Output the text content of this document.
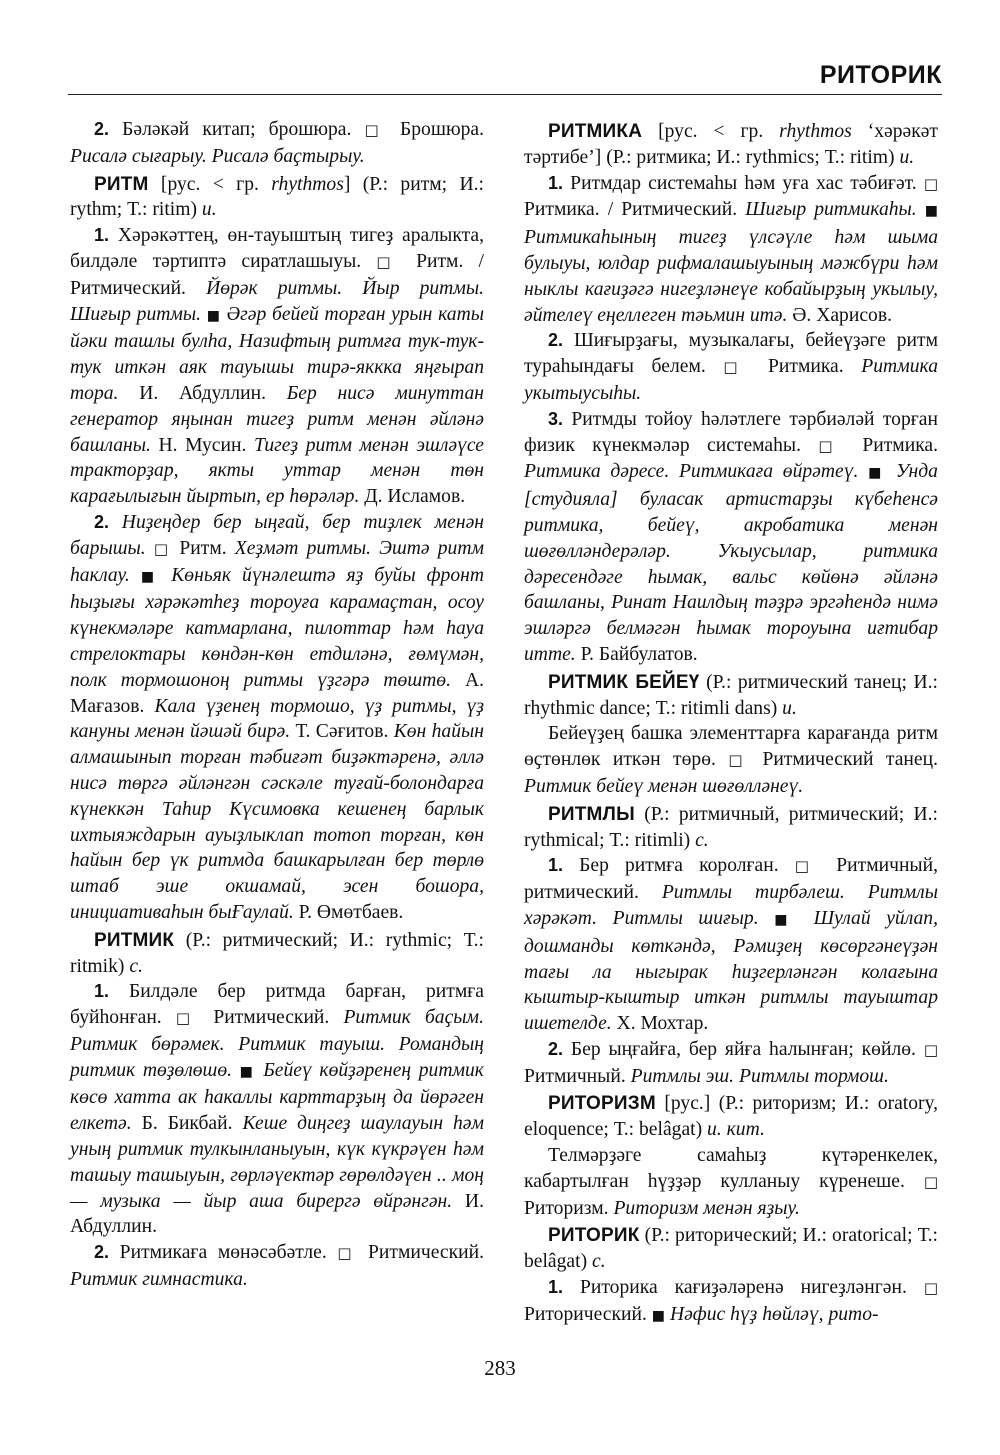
РИТОРИК

2. Бәләкәй китап; брошюра. □ Брошюра. Рисалә сығарыу. Рисалә баҫтырыу.

РИТМ [рус. < гр. rhythmos] (Р.: ритм; И.: rythm; Т.: ritim) и.

1. Хәрәкәттең, өн-тауыштың тигеҙ аралыкта, билдәле тәртиптә сиратлашыуы. □ Ритм. / Ритмический. Йөрәк ритмы. Йыр ритмы. Шиғыр ритмы. ■ Әгәр бейей торған урын каты йәки ташлы булһа, Назифтың ритмға тук-тук-тук иткән аяк тауышы тирә-яккка яңғырап тора. И. Абдуллин. Бер нисә минуттан генератор яңынан тигеҙ ритм менән әйләнә башланы. Н. Мусин. Тигеҙ ритм менән эшләүсе тракторҙар, якты уттар менән төн карағылығын йыртып, ер һөрәләр. Д. Исламов.

2. Ниҙеңдер бер ыңғай, бер тиҙлек менән барышы. □ Ритм. Хеҙмәт ритмы. Эштә ритм һаклау. ■ Көньяк йүнәлештә яҙ буйы фронт һыҙығы хәрәкәтһеҙ тороуға карамаҫтан, осоу күнекмәләре катмарлана, пилоттар һәм һауа стрелоктары көндән-көн етдиләнә, ғөмүмән, полк тормошоноң ритмы үҙгәрә төштө. А. Мағазов. Кала үҙенең тормошо, үҙ ритмы, үҙ кануны менән йәшәй бирә. Т. Сәғитов. Көн һайын алмашынып торған тәбиғәт биҙәктәренә, әллә нисә төргә әйләнгән сәскәле туғай-болондарға күнеккән Таһир Күсимовка кешенең барлык ихтыяждарын ауыҙлыклап тотоп торған, көн һайын бер үк ритмда башкарылған бер төрлө штаб эше окшамай, эсен бошора, инициативаһын быҒаулай. Р. Өмөтбаев.

РИТМИК (Р.: ритмический; И.: rythmic; Т.: ritmik) с.

1. Билдәле бер ритмда барған, ритмға буйһонған. □ Ритмический. Ритмик баҫым. Ритмик бөрәмек. Ритмик тауыш. Романдың ритмик төҙөлөшө. ■ Бейеү көйҙәренең ритмик көсө хатта ак һакаллы карттарҙың да йөрәген елкетә. Б. Бикбай. Кеше диңгеҙ шаулауын һәм уның ритмик тулкынланыуын, күк күкрәүен һәм ташыу ташыуын, гөрләүектәр гөрөлдәүен .. моң — музыка — йыр аша бирергә өйрәнгән. И. Абдуллин.

2. Ритмикаға мөнәсәбәтле. □ Ритмический. Ритмик гимнастика.

РИТМИКА [рус. < гр. rhythmos ‘хәрәкәт тәртибе’] (Р.: ритмика; И.: rythmics; Т.: ritim) и.

1. Ритмдар системаһы һәм уға хас тәбиғәт. □ Ритмика. / Ритмический. Шиғыр ритмикаһы. ■ Ритмикаһының тигеҙ үлсәүле һәм шыма булыуы, юлдар рифмалашыуының мәжбүри һәм ныклы кағиҙәгә нигеҙләнеүе кобайырҙың укылыу, әйтелеү еңеллеген тәьмин итә. Ә. Харисов.

2. Шиғырҙағы, музыкалағы, бейеүҙәге ритм тураһындағы белем. □ Ритмика. Ритмика укытыусыһы.

3. Ритмды тойоу һәләтлеге тәрбиәләй торған физик күнекмәләр системаһы. □ Ритмика. Ритмика дәресе. Ритмикаға өйрәтеү. ■ Унда [студияла] буласак артистарҙы күбеһенсә ритмика, бейеү, акробатика менән шөғөлләндерәләр. Укыусылар, ритмика дәресендәге һымак, вальс көйөнә әйләнә башланы, Ринат Наилдың тәҙрә эргәһендә нимә эшләргә белмәгән һымак тороуына иғтибар итте. Р. Байбулатов.

РИТМИК БЕЙЕҮ (Р.: ритмический танец; И.: rhythmic dance; Т.: ritimli dans) и.

Бейеүҙең башка элементтарға карағанда ритм өҫтөнлөк иткән төрө. □ Ритмический танец. Ритмик бейеү менән шөғөлләнеү.

РИТМЛЫ (Р.: ритмичный, ритмический; И.: rythmical; Т.: ritimli) с.

1. Бер ритмға королған. □ Ритмичный, ритмический. Ритмлы тирбәлеш. Ритмлы хәрәкәт. Ритмлы шиғыр. ■ Шулай уйлап, дошманды көткәндә, Рәмиҙең көсөргәнеүҙән тағы ла ныгырак һиҙгерләнгән колағына кыштыр-кыштыр иткән ритмлы тауыштар ишетелде. Х. Мохтар.

2. Бер ыңғайға, бер яйға һалынған; көйлө. □ Ритмичный. Ритмлы эш. Ритмлы тормош.

РИТОРИЗМ [рус.] (Р.: риторизм; И.: oratory, eloquence; Т.: belâgat) и. кит.

Телмәрҙәге самаһыҙ күтәренкелек, кабартылған һүҙҙәр кулланыу күренеше. □ Риторизм. Риторизм менән яҙыу.

РИТОРИК (Р.: риторический; И.: oratorical; Т.: belâgat) с.

1. Риторика кағиҙәләренә нигеҙләнгән. □ Риторический. ■ Нәфис һүҙ һөйләү, рито-

283
